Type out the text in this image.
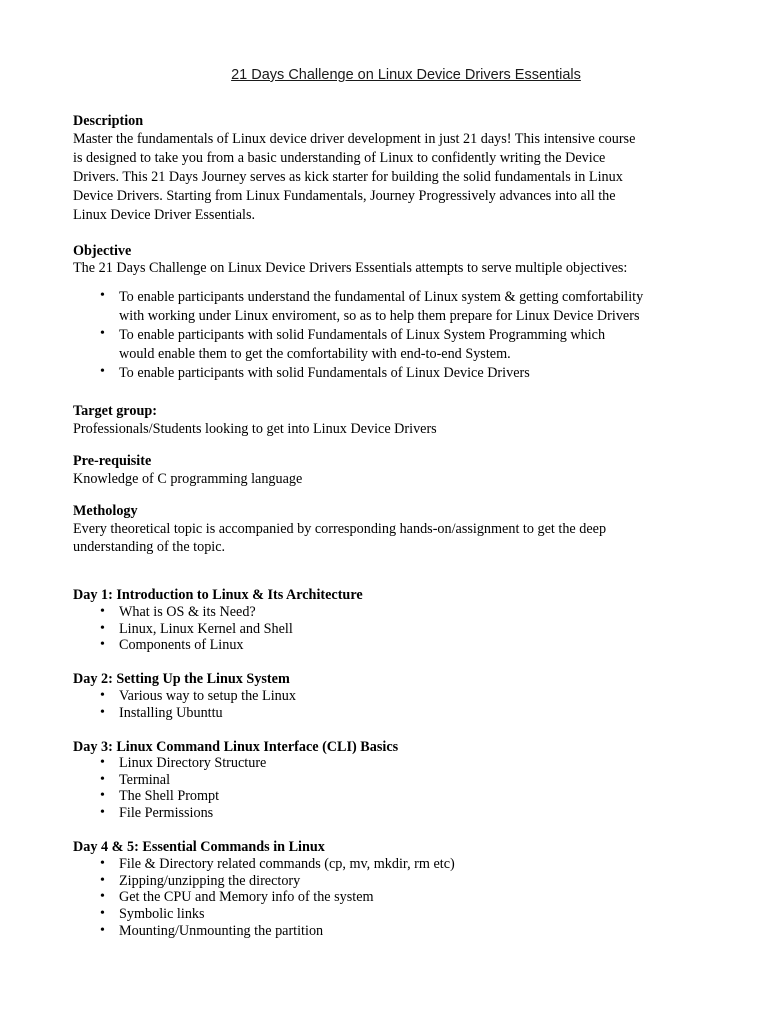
21 Days Challenge on Linux Device Drivers Essentials
Description
Master the fundamentals of Linux device driver development in just 21 days! This intensive course
is designed to take you from a basic understanding of Linux to confidently writing the Device
Drivers. This 21 Days Journey serves as kick starter for building the solid fundamentals in Linux
Device Drivers. Starting from Linux Fundamentals, Journey Progressively advances into all the
Linux Device Driver Essentials.
Objective
The 21 Days Challenge on Linux Device Drivers Essentials attempts to serve multiple objectives:
• To enable participants understand the fundamental of Linux system & getting comfortability
with working under Linux enviroment, so as to help them prepare for Linux Device Drivers
• To enable participants with solid Fundamentals of Linux System Programming which
would enable them to get the comfortability with end-to-end System.
• To enable participants with solid Fundamentals of Linux Device Drivers
Target group:
Professionals/Students looking to get into Linux Device Drivers
Pre-requisite
Knowledge of C programming language
Methology
Every theoretical topic is accompanied by corresponding hands-on/assignment to get the deep
understanding of the topic.
Day 1: Introduction to Linux & Its Architecture
• What is OS & its Need?
• Linux, Linux Kernel and Shell
• Components of Linux
Day 2: Setting Up the Linux System
• Various way to setup the Linux
• Installing Ubunttu
Day 3: Linux Command Linux Interface (CLI) Basics
• Linux Directory Structure
• Terminal
• The Shell Prompt
• File Permissions
Day 4 & 5: Essential Commands in Linux
• File & Directory related commands (cp, mv, mkdir, rm etc)
• Zipping/unzipping the directory
• Get the CPU and Memory info of the system
• Symbolic links
• Mounting/Unmounting the partition
